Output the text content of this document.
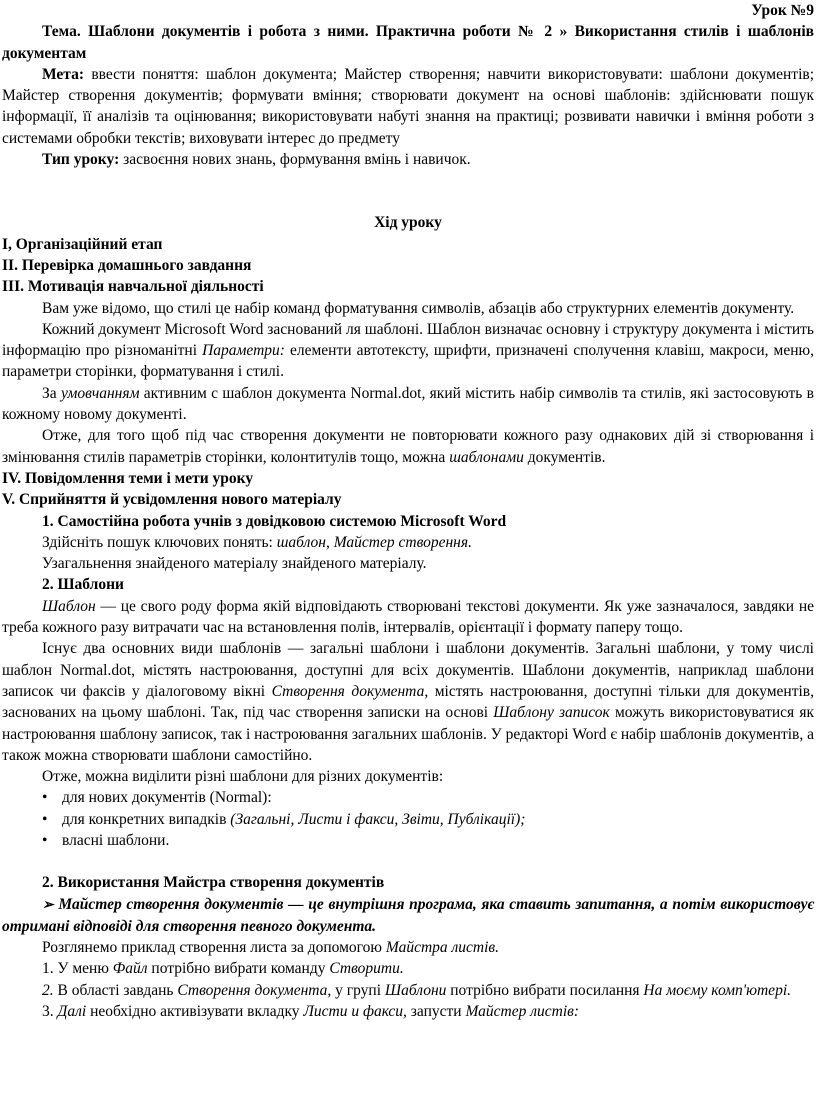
Урок №9

Тема. Шаблони документів і робота з ними. Практична роботи № 2 » Використання стилів і шаблонів документам

Мета: ввести поняття: шаблон документа; Майстер створення; навчити використовувати: шаблони документів; Майстер створення документів; формувати вміння; створювати документ на основі шаблонів: здійснювати пошук інформації, її аналізів та оцінювання; використовувати набуті знання на практиці; розвивати навички і вміння роботи з системами обробки текстів; виховувати інтерес до предмету

Тип уроку: засвоєння нових знань, формування вмінь і навичок.

Хід уроку

І, Організаційний етап

ІІ. Перевірка домашнього завдання

ІІІ. Мотивація навчальної діяльності

Вам уже відомо, що стилі це набір команд форматування символів, абзаців або структурних елементів документу.

Кожний документ Microsoft Word заснований ля шаблоні. Шаблон визначає основну і структуру документа і містить інформацію про різноманітні Параметри: елементи автотексту, шрифти, призначені сполучення клавіш, макроси, меню, параметри сторінки, форматування і стилі.

За умовчанням активним с шаблон документа Normal.dot, який містить набір символів та стилів, які застосовують в кожному новому документі.

Отже, для того щоб під час створення документи не повторювати кожного разу однакових дій зі створювання і змінювання стилів параметрів сторінки, колонтитулів тощо, можна шаблонами документів.

IV. Повідомлення теми і мети уроку

V. Сприйняття й усвідомлення нового матеріалу

1. Самостійна робота учнів з довідковою системою Microsoft Word

Здійсніть пошук ключових понять: шаблон, Майстер створення.

Узагальнення знайденого матеріалу знайденого матеріалу.

2. Шаблони

Шаблон — це свого роду форма якій відповідають створювані текстові документи. Як уже зазначалося, завдяки не треба кожного разу витрачати час на встановлення полів, інтервалів, орієнтації і формату паперу тощо.

Існує два основних види шаблонів — загальні шаблони і шаблони документів. Загальні шаблони, у тому числі шаблон Normal.dot, містять настроювання, доступні для всіх документів. Шаблони документів, наприклад шаблони записок чи факсів у діалоговому вікні Створення документа, містять настроювання, доступні тільки для документів, заснованих на цьому шаблоні. Так, під час створення записки на основі Шаблону записок можуть використовуватися як настроювання шаблону записок, так і настроювання загальних шаблонів. У редакторі Word є набір шаблонів документів, а також можна створювати шаблони самостійно.

Отже, можна виділити різні шаблони для різних документів:

• для нових документів (Normal):

• для конкретних випадків (Загальні, Листи і факси, Звіти, Публікації);

• власні шаблони.

2. Використання Майстра створення документів

➢ Майстер створення документів — це внутрішня програма, яка ставить запитання, а потім використовує отримані відповіді для створення певного документа.

Розглянемо приклад створення листа за допомогою Майстра листів.

1. У меню Файл потрібно вибрати команду Створити.

2. В області завдань Створення документа, у групі Шаблони потрібно вибрати посилання На моєму комп'ютері.

3. Далі необхідно активізувати вкладку Листи и факси, запусти Майстер листів:
